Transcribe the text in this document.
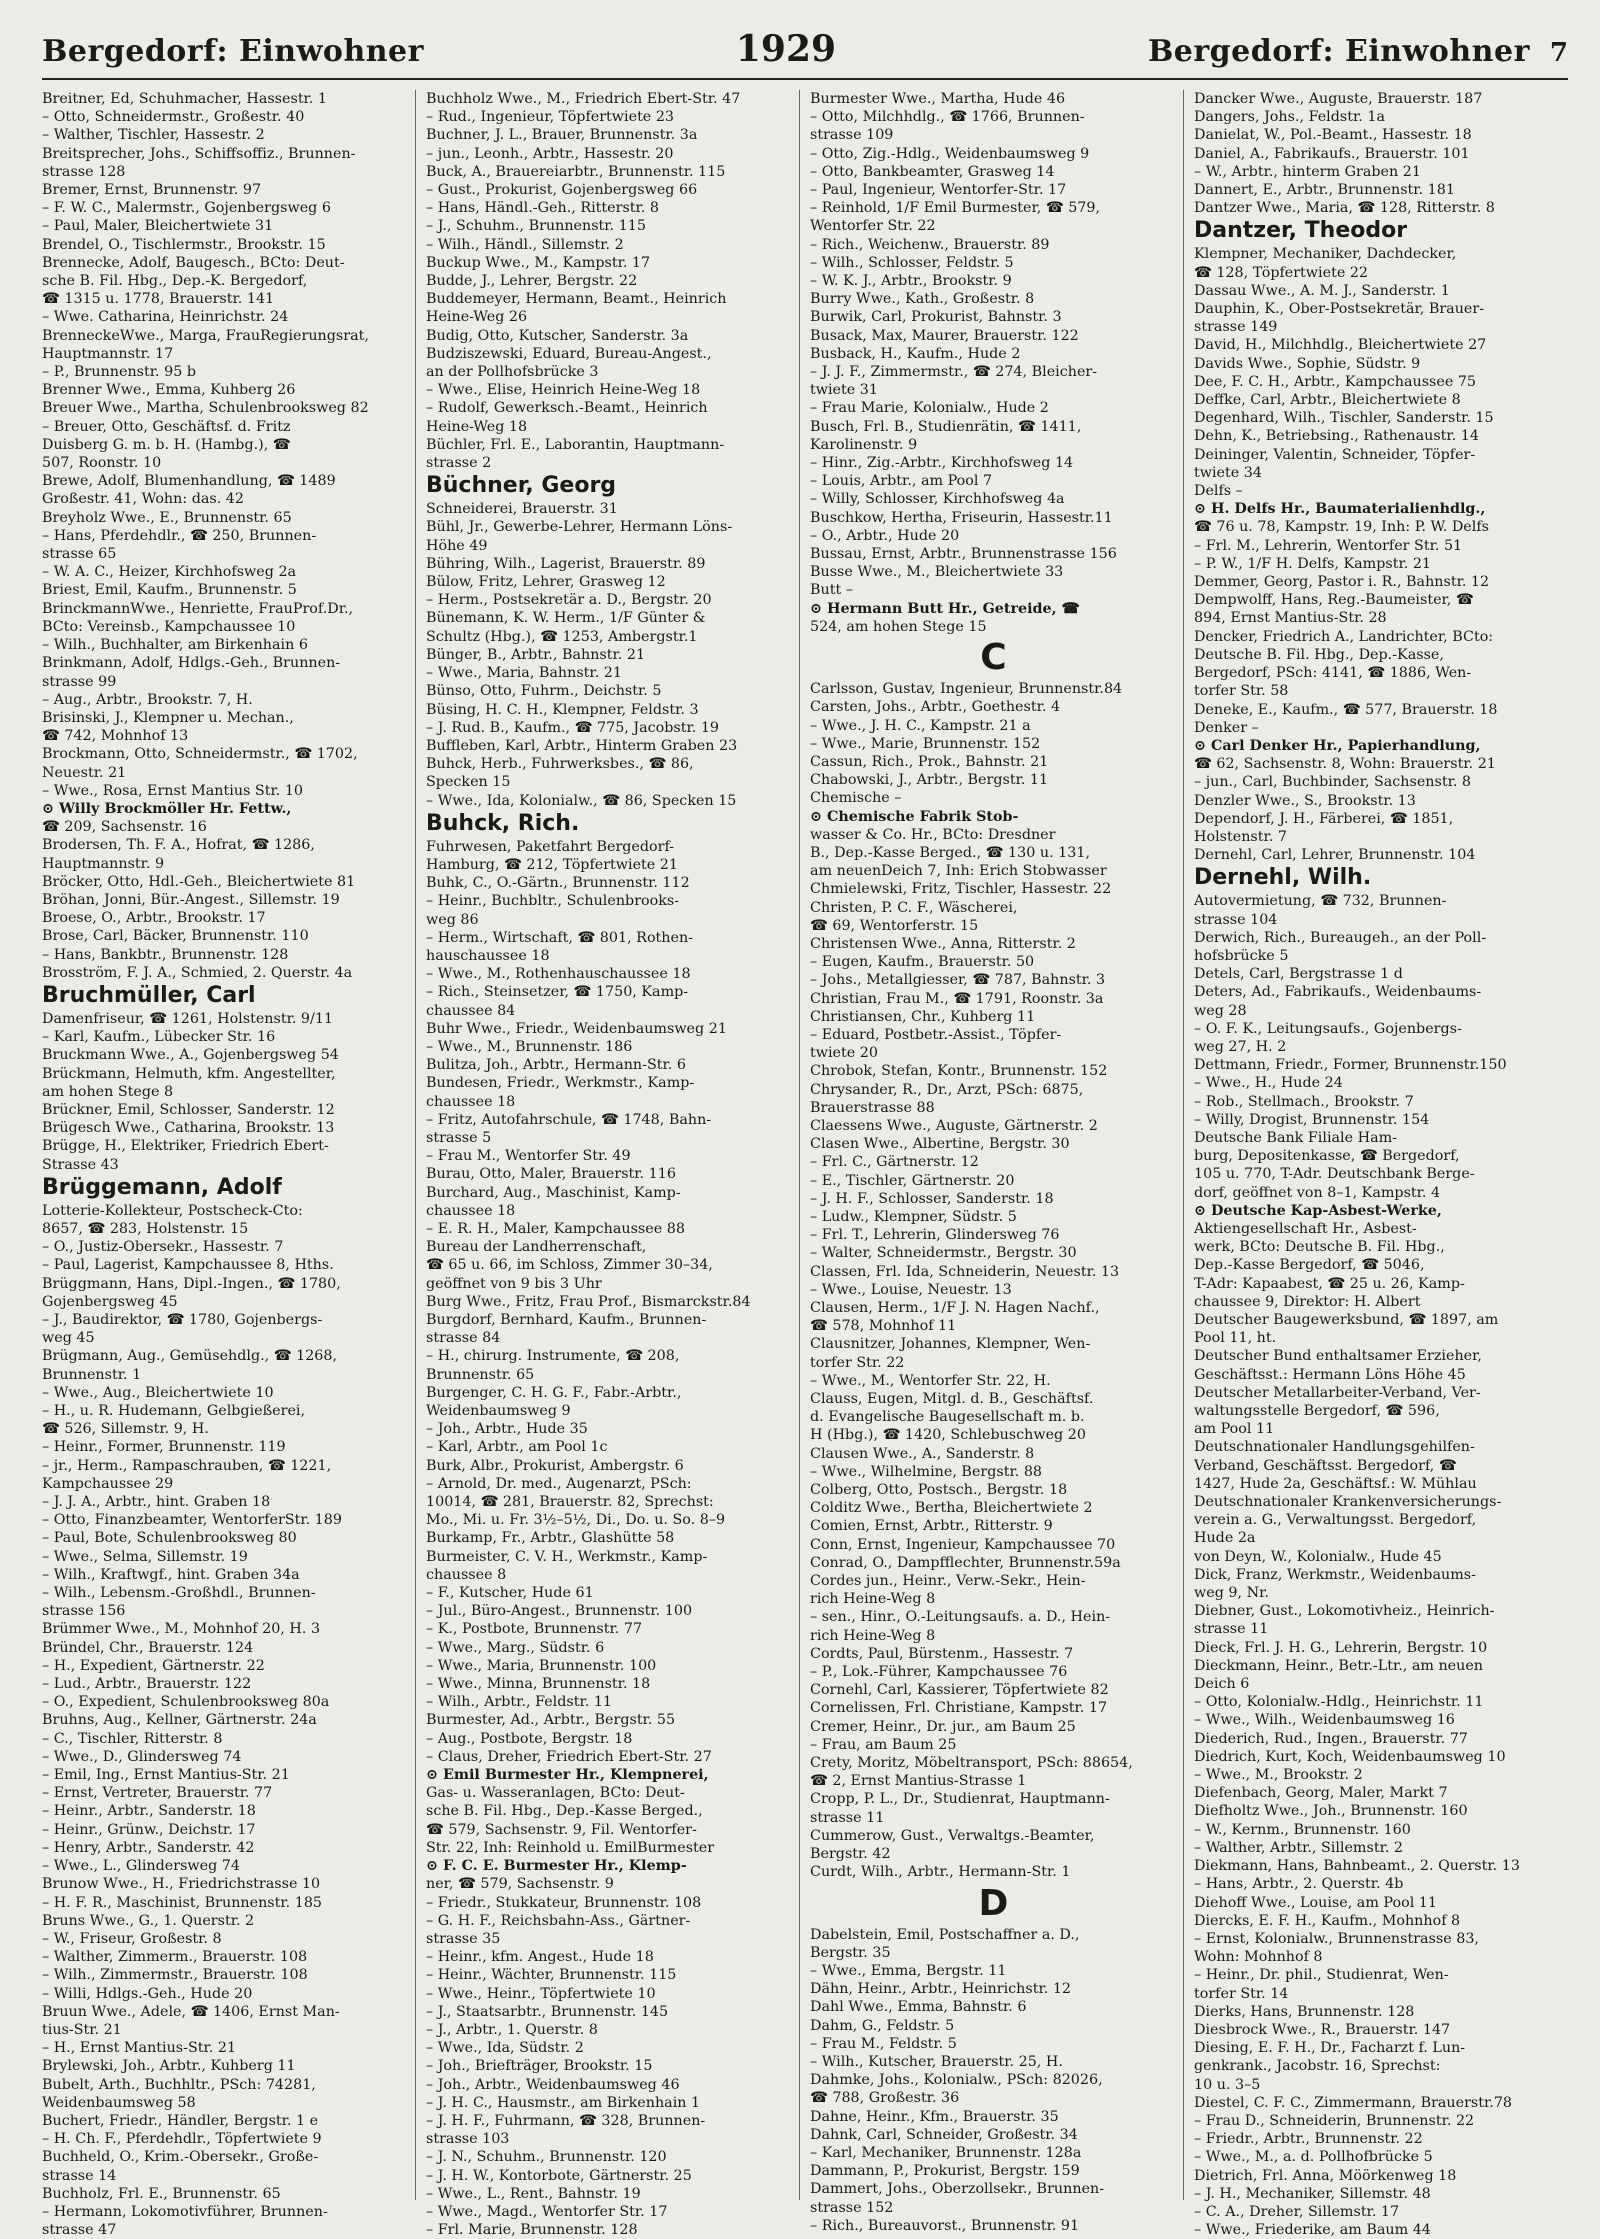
Bergedorf: Einwohner	1929	Bergedorf: Einwohner 7
Breitner, Ed, Schuhmacher, Hassestr. 1
– Otto, Schneidermstr., Großestr. 40
– Walther, Tischler, Hassestr. 2
Breitsprecher, Johs., Schiffsoffiz., Brunnen-
strasse 128
Bremer, Ernst, Brunnenstr. 97
– F. W. C., Malermstr., Gojenbergsweg 6
– Paul, Maler, Bleichertwiete 31
Brendel, O., Tischlermstr., Brookstr. 15
Brennecke, Adolf, Baugesch., BCto: Deut-
sche B. Fil. Hbg., Dep.-K. Bergedorf,
☎ 1315 u. 1778, Brauerstr. 141
– Wwe. Catharina, Heinrichstr. 24
BrenneckeWwe., Marga, FrauRegierungsrat,
Hauptmannstr. 17
– P., Brunnenstr. 95 b
Brenner Wwe., Emma, Kuhberg 26
Breuer Wwe., Martha, Schulenbrooksweg 82
– Breuer, Otto, Geschäftsf. d. Fritz
Duisberg G. m. b. H. (Hambg.), ☎
507, Roonstr. 10
Brewe, Adolf, Blumenhandlung, ☎ 1489
Großestr. 41, Wohn: das. 42
Breyholz Wwe., E., Brunnenstr. 65
– Hans, Pferdehdlr., ☎ 250, Brunnen-
strasse 65
– W. A. C., Heizer, Kirchhofsweg 2a
Briest, Emil, Kaufm., Brunnenstr. 5
BrinckmannWwe., Henriette, FrauProf.Dr.,
BCto: Vereinsb., Kampchaussee 10
– Wilh., Buchhalter, am Birkenhain 6
Brinkmann, Adolf, Hdlgs.-Geh., Brunnen-
strasse 99
– Aug., Arbtr., Brookstr. 7, H.
Brisinski, J., Klempner u. Mechan.,
☎ 742, Mohnhof 13
Brockmann, Otto, Schneidermstr., ☎ 1702,
Neuestr. 21
– Wwe., Rosa, Ernst Mantius Str. 10
⊙ Willy Brockmöller Hr. Fettw.,
☎ 209, Sachsenstr. 16
Brodersen, Th. F. A., Hofrat, ☎ 1286,
Hauptmannstr. 9
Bröcker, Otto, Hdl.-Geh., Bleichertwiete 81
Bröhan, Jonni, Bür.-Angest., Sillemstr. 19
Broese, O., Arbtr., Brookstr. 17
Brose, Carl, Bäcker, Brunnenstr. 110
– Hans, Bankbtr., Brunnenstr. 128
Brosström, F. J. A., Schmied, 2. Querstr. 4a
Bruchmüller, Carl
Damenfriseur, ☎ 1261, Holstenstr. 9/11
– Karl, Kaufm., Lübecker Str. 16
Bruckmann Wwe., A., Gojenbergsweg 54
Brückmann, Helmuth, kfm. Angestellter,
am hohen Stege 8
Brückner, Emil, Schlosser, Sanderstr. 12
Brügesch Wwe., Catharina, Brookstr. 13
Brügge, H., Elektriker, Friedrich Ebert-
Strasse 43
Brüggemann, Adolf
Lotterie-Kollekteur, Postscheck-Cto:
8657, ☎ 283, Holstenstr. 15
– O., Justiz-Obersekr., Hassestr. 7
– Paul, Lagerist, Kampchaussee 8, Hths.
Brüggmann, Hans, Dipl.-Ingen., ☎ 1780,
Gojenbergsweg 45
– J., Baudirektor, ☎ 1780, Gojenbergs-
weg 45
Brügmann, Aug., Gemüsehdlg., ☎ 1268,
Brunnenstr. 1
– Wwe., Aug., Bleichertwiete 10
– H., u. R. Hudemann, Gelbgießerei,
☎ 526, Sillemstr. 9, H.
– Heinr., Former, Brunnenstr. 119
– jr., Herm., Rampaschrauben, ☎ 1221,
Kampchaussee 29
– J. J. A., Arbtr., hint. Graben 18
– Otto, Finanzbeamter, WentorferStr. 189
– Paul, Bote, Schulenbrooksweg 80
– Wwe., Selma, Sillemstr. 19
– Wilh., Kraftwgf., hint. Graben 34a
– Wilh., Lebensm.-Großhdl., Brunnen-
strasse 156
Brümmer Wwe., M., Mohnhof 20, H. 3
Bründel, Chr., Brauerstr. 124
– H., Expedient, Gärtnerstr. 22
– Lud., Arbtr., Brauerstr. 122
– O., Expedient, Schulenbrooksweg 80a
Bruhns, Aug., Kellner, Gärtnerstr. 24a
– C., Tischler, Ritterstr. 8
– Wwe., D., Glindersweg 74
– Emil, Ing., Ernst Mantius-Str. 21
– Ernst, Vertreter, Brauerstr. 77
– Heinr., Arbtr., Sanderstr. 18
– Heinr., Grünw., Deichstr. 17
– Henry, Arbtr., Sanderstr. 42
– Wwe., L., Glindersweg 74
Brunow Wwe., H., Friedrichstrasse 10
– H. F. R., Maschinist, Brunnenstr. 185
Bruns Wwe., G., 1. Querstr. 2
– W., Friseur, Großestr. 8
– Walther, Zimmerm., Brauerstr. 108
– Wilh., Zimmermstr., Brauerstr. 108
– Willi, Hdlgs.-Geh., Hude 20
Bruun Wwe., Adele, ☎ 1406, Ernst Man-
tius-Str. 21
– H., Ernst Mantius-Str. 21
Brylewski, Joh., Arbtr., Kuhberg 11
Bubelt, Arth., Buchhltr., PSch: 74281,
Weidenbaumsweg 58
Buchert, Friedr., Händler, Bergstr. 1 e
– H. Ch. F., Pferdehdlr., Töpfertwiete 9
Buchheld, O., Krim.-Obersekr., Große-
strasse 14
Buchholz, Frl. E., Brunnenstr. 65
– Hermann, Lokomotivführer, Brunnen-
strasse 47
Buchholz Wwe., M., Friedrich Ebert-Str. 47
– Rud., Ingenieur, Töpfertwiete 23
Buchner, J. L., Brauer, Brunnenstr. 3a
– jun., Leonh., Arbtr., Hassestr. 20
Buck, A., Brauereiarbtr., Brunnenstr. 115
– Gust., Prokurist, Gojenbergsweg 66
– Hans, Händl.-Geh., Ritterstr. 8
– J., Schuhm., Brunnenstr. 115
– Wilh., Händl., Sillemstr. 2
Buckup Wwe., M., Kampstr. 17
Budde, J., Lehrer, Bergstr. 22
Buddemeyer, Hermann, Beamt., Heinrich
Heine-Weg 26
Budig, Otto, Kutscher, Sanderstr. 3a
Budziszewski, Eduard, Bureau-Angest.,
an der Pollhofsbrücke 3
– Wwe., Elise, Heinrich Heine-Weg 18
– Rudolf, Gewerksch.-Beamt., Heinrich
Heine-Weg 18
Büchler, Frl. E., Laborantin, Hauptmann-
strasse 2
Büchner, Georg
Schneiderei, Brauerstr. 31
Bühl, Jr., Gewerbe-Lehrer, Hermann Löns-
Höhe 49
Bühring, Wilh., Lagerist, Brauerstr. 89
Bülow, Fritz, Lehrer, Grasweg 12
– Herm., Postsekretär a. D., Bergstr. 20
Bünemann, K. W. Herm., 1/F Günter &
Schultz (Hbg.), ☎ 1253, Ambergstr.1
Bünger, B., Arbtr., Bahnstr. 21
– Wwe., Maria, Bahnstr. 21
Bünso, Otto, Fuhrm., Deichstr. 5
Büsing, H. C. H., Klempner, Feldstr. 3
– J. Rud. B., Kaufm., ☎ 775, Jacobstr. 19
Buffleben, Karl, Arbtr., Hinterm Graben 23
Buhck, Herb., Fuhrwerksbes., ☎ 86,
Specken 15
– Wwe., Ida, Kolonialw., ☎ 86, Specken 15
Buhck, Rich.
Fuhrwesen, Paketfahrt Bergedorf-
Hamburg, ☎ 212, Töpfertwiete 21
Buhk, C., O.-Gärtn., Brunnenstr. 112
– Heinr., Buchbltr., Schulenbrooks-
weg 86
– Herm., Wirtschaft, ☎ 801, Rothen-
hauschaussee 18
– Wwe., M., Rothenhauschaussee 18
– Rich., Steinsetzer, ☎ 1750, Kamp-
chaussee 84
Buhr Wwe., Friedr., Weidenbaumsweg 21
– Wwe., M., Brunnenstr. 186
Bulitza, Joh., Arbtr., Hermann-Str. 6
Bundesen, Friedr., Werkmstr., Kamp-
chaussee 18
– Fritz, Autofahrschule, ☎ 1748, Bahn-
strasse 5
– Frau M., Wentorfer Str. 49
Burau, Otto, Maler, Brauerstr. 116
Burchard, Aug., Maschinist, Kamp-
chaussee 18
– E. R. H., Maler, Kampchaussee 88
Bureau der Landherrenschaft,
☎ 65 u. 66, im Schloss, Zimmer 30–34,
geöffnet von 9 bis 3 Uhr
Burg Wwe., Fritz, Frau Prof., Bismarckstr.84
Burgdorf, Bernhard, Kaufm., Brunnen-
strasse 84
– H., chirurg. Instrumente, ☎ 208,
Brunnenstr. 65
Burgenger, C. H. G. F., Fabr.-Arbtr.,
Weidenbaumsweg 9
– Joh., Arbtr., Hude 35
– Karl, Arbtr., am Pool 1c
Burk, Albr., Prokurist, Ambergstr. 6
– Arnold, Dr. med., Augenarzt, PSch:
10014, ☎ 281, Brauerstr. 82, Sprechst:
Mo., Mi. u. Fr. 3½–5½, Di., Do. u. So. 8–9
Burkamp, Fr., Arbtr., Glashütte 58
Burmeister, C. V. H., Werkmstr., Kamp-
chaussee 8
– F., Kutscher, Hude 61
– Jul., Büro-Angest., Brunnenstr. 100
– K., Postbote, Brunnenstr. 77
– Wwe., Marg., Südstr. 6
– Wwe., Maria, Brunnenstr. 100
– Wwe., Minna, Brunnenstr. 18
– Wilh., Arbtr., Feldstr. 11
Burmester, Ad., Arbtr., Bergstr. 55
– Aug., Postbote, Bergstr. 18
– Claus, Dreher, Friedrich Ebert-Str. 27
⊙ Emil Burmester Hr., Klempnerei,
Gas- u. Wasseranlagen, BCto: Deut-
sche B. Fil. Hbg., Dep.-Kasse Berged.,
☎ 579, Sachsenstr. 9, Fil. Wentorfer-
Str. 22, Inh: Reinhold u. EmilBurmester
⊙ F. C. E. Burmester Hr., Klemp-
ner, ☎ 579, Sachsenstr. 9
– Friedr., Stukkateur, Brunnenstr. 108
– G. H. F., Reichsbahn-Ass., Gärtner-
strasse 35
– Heinr., kfm. Angest., Hude 18
– Heinr., Wächter, Brunnenstr. 115
– Wwe., Heinr., Töpfertwiete 10
– J., Staatsarbtr., Brunnenstr. 145
– J., Arbtr., 1. Querstr. 8
– Wwe., Ida, Südstr. 2
– Joh., Briefträger, Brookstr. 15
– Joh., Arbtr., Weidenbaumsweg 46
– J. H. C., Hausmstr., am Birkenhain 1
– J. H. F., Fuhrmann, ☎ 328, Brunnen-
strasse 103
– J. N., Schuhm., Brunnenstr. 120
– J. H. W., Kontorbote, Gärtnerstr. 25
– Wwe., L., Rent., Bahnstr. 19
– Wwe., Magd., Wentorfer Str. 17
– Frl. Marie, Brunnenstr. 128
Burmester Wwe., Martha, Hude 46
– Otto, Milchhdlg., ☎ 1766, Brunnen-
strasse 109
– Otto, Zig.-Hdlg., Weidenbaumsweg 9
– Otto, Bankbeamter, Grasweg 14
– Paul, Ingenieur, Wentorfer-Str. 17
– Reinhold, 1/F Emil Burmester, ☎ 579,
Wentorfer Str. 22
– Rich., Weichenw., Brauerstr. 89
– Wilh., Schlosser, Feldstr. 5
– W. K. J., Arbtr., Brookstr. 9
Burry Wwe., Kath., Großestr. 8
Burwik, Carl, Prokurist, Bahnstr. 3
Busack, Max, Maurer, Brauerstr. 122
Busback, H., Kaufm., Hude 2
– J. J. F., Zimmermstr., ☎ 274, Bleicher-
twiete 31
– Frau Marie, Kolonialw., Hude 2
Busch, Frl. B., Studienrätin, ☎ 1411,
Karolinenstr. 9
– Hinr., Zig.-Arbtr., Kirchhofsweg 14
– Louis, Arbtr., am Pool 7
– Willy, Schlosser, Kirchhofsweg 4a
Buschkow, Hertha, Friseurin, Hassestr.11
– O., Arbtr., Hude 20
Bussau, Ernst, Arbtr., Brunnenstrasse 156
Busse Wwe., M., Bleichertwiete 33
Butt –
⊙ Hermann Butt Hr., Getreide, ☎
524, am hohen Stege 15
C
Carlsson, Gustav, Ingenieur, Brunnenstr.84
Carsten, Johs., Arbtr., Goethestr. 4
– Wwe., J. H. C., Kampstr. 21 a
– Wwe., Marie, Brunnenstr. 152
Cassun, Rich., Prok., Bahnstr. 21
Chabowski, J., Arbtr., Bergstr. 11
Chemische –
⊙ Chemische Fabrik Stob-
wasser & Co. Hr., BCto: Dresdner
B., Dep.-Kasse Berged., ☎ 130 u. 131,
am neuenDeich 7, Inh: Erich Stobwasser
Chmielewski, Fritz, Tischler, Hassestr. 22
Christen, P. C. F., Wäscherei,
☎ 69, Wentorferstr. 15
Christensen Wwe., Anna, Ritterstr. 2
– Eugen, Kaufm., Brauerstr. 50
– Johs., Metallgiesser, ☎ 787, Bahnstr. 3
Christian, Frau M., ☎ 1791, Roonstr. 3a
Christiansen, Chr., Kuhberg 11
– Eduard, Postbetr.-Assist., Töpfer-
twiete 20
Chrobok, Stefan, Kontr., Brunnenstr. 152
Chrysander, R., Dr., Arzt, PSch: 6875,
Brauerstrasse 88
Claessens Wwe., Auguste, Gärtnerstr. 2
Clasen Wwe., Albertine, Bergstr. 30
– Frl. C., Gärtnerstr. 12
– E., Tischler, Gärtnerstr. 20
– J. H. F., Schlosser, Sanderstr. 18
– Ludw., Klempner, Südstr. 5
– Frl. T., Lehrerin, Glindersweg 76
– Walter, Schneidermstr., Bergstr. 30
Classen, Frl. Ida, Schneiderin, Neuestr. 13
– Wwe., Louise, Neuestr. 13
Clausen, Herm., 1/F J. N. Hagen Nachf.,
☎ 578, Mohnhof 11
Clausnitzer, Johannes, Klempner, Wen-
torfer Str. 22
– Wwe., M., Wentorfer Str. 22, H.
Clauss, Eugen, Mitgl. d. B., Geschäftsf.
d. Evangelische Baugesellschaft m. b.
H (Hbg.), ☎ 1420, Schlebuschweg 20
Clausen Wwe., A., Sanderstr. 8
– Wwe., Wilhelmine, Bergstr. 88
Colberg, Otto, Postsch., Bergstr. 18
Colditz Wwe., Bertha, Bleichertwiete 2
Comien, Ernst, Arbtr., Ritterstr. 9
Conn, Ernst, Ingenieur, Kampchaussee 70
Conrad, O., Dampfflechter, Brunnenstr.59a
Cordes jun., Heinr., Verw.-Sekr., Hein-
rich Heine-Weg 8
– sen., Hinr., O.-Leitungsaufs. a. D., Hein-
rich Heine-Weg 8
Cordts, Paul, Bürstenm., Hassestr. 7
– P., Lok.-Führer, Kampchaussee 76
Cornehl, Carl, Kassierer, Töpfertwiete 82
Cornelissen, Frl. Christiane, Kampstr. 17
Cremer, Heinr., Dr. jur., am Baum 25
– Frau, am Baum 25
Crety, Moritz, Möbeltransport, PSch: 88654,
☎ 2, Ernst Mantius-Strasse 1
Cropp, P. L., Dr., Studienrat, Hauptmann-
strasse 11
Cummerow, Gust., Verwaltgs.-Beamter,
Bergstr. 42
Curdt, Wilh., Arbtr., Hermann-Str. 1
D
Dabelstein, Emil, Postschaffner a. D.,
Bergstr. 35
– Wwe., Emma, Bergstr. 11
Dähn, Heinr., Arbtr., Heinrichstr. 12
Dahl Wwe., Emma, Bahnstr. 6
Dahm, G., Feldstr. 5
– Frau M., Feldstr. 5
– Wilh., Kutscher, Brauerstr. 25, H.
Dahmke, Johs., Kolonialw., PSch: 82026,
☎ 788, Großestr. 36
Dahne, Heinr., Kfm., Brauerstr. 35
Dahnk, Carl, Schneider, Großestr. 34
– Karl, Mechaniker, Brunnenstr. 128a
Dammann, P., Prokurist, Bergstr. 159
Dammert, Johs., Oberzollsekr., Brunnen-
strasse 152
– Rich., Bureauvorst., Brunnenstr. 91
Dancker Wwe., Auguste, Brauerstr. 187
Dangers, Johs., Feldstr. 1a
Danielat, W., Pol.-Beamt., Hassestr. 18
Daniel, A., Fabrikaufs., Brauerstr. 101
– W., Arbtr., hinterm Graben 21
Dannert, E., Arbtr., Brunnenstr. 181
Dantzer Wwe., Maria, ☎ 128, Ritterstr. 8
Dantzer, Theodor
Klempner, Mechaniker, Dachdecker,
☎ 128, Töpfertwiete 22
Dassau Wwe., A. M. J., Sanderstr. 1
Dauphin, K., Ober-Postsekretär, Brauer-
strasse 149
David, H., Milchhdlg., Bleichertwiete 27
Davids Wwe., Sophie, Südstr. 9
Dee, F. C. H., Arbtr., Kampchaussee 75
Deffke, Carl, Arbtr., Bleichertwiete 8
Degenhard, Wilh., Tischler, Sanderstr. 15
Dehn, K., Betriebsing., Rathenaustr. 14
Deininger, Valentin, Schneider, Töpfer-
twiete 34
Delfs –
⊙ H. Delfs Hr., Baumaterialienhdlg.,
☎ 76 u. 78, Kampstr. 19, Inh: P. W. Delfs
– Frl. M., Lehrerin, Wentorfer Str. 51
– P. W., 1/F H. Delfs, Kampstr. 21
Demmer, Georg, Pastor i. R., Bahnstr. 12
Dempwolff, Hans, Reg.-Baumeister, ☎
894, Ernst Mantius-Str. 28
Dencker, Friedrich A., Landrichter, BCto:
Deutsche B. Fil. Hbg., Dep.-Kasse,
Bergedorf, PSch: 4141, ☎ 1886, Wen-
torfer Str. 58
Deneke, E., Kaufm., ☎ 577, Brauerstr. 18
Denker –
⊙ Carl Denker Hr., Papierhandlung,
☎ 62, Sachsenstr. 8, Wohn: Brauerstr. 21
– jun., Carl, Buchbinder, Sachsenstr. 8
Denzler Wwe., S., Brookstr. 13
Dependorf, J. H., Färberei, ☎ 1851,
Holstenstr. 7
Dernehl, Carl, Lehrer, Brunnenstr. 104
Dernehl, Wilh.
Autovermietung, ☎ 732, Brunnen-
strasse 104
Derwich, Rich., Bureaugeh., an der Poll-
hofsbrücke 5
Detels, Carl, Bergstrasse 1 d
Deters, Ad., Fabrikaufs., Weidenbaums-
weg 28
– O. F. K., Leitungsaufs., Gojenbergs-
weg 27, H. 2
Dettmann, Friedr., Former, Brunnenstr.150
– Wwe., H., Hude 24
– Rob., Stellmach., Brookstr. 7
– Willy, Drogist, Brunnenstr. 154
Deutsche Bank Filiale Ham-
burg, Depositenkasse, ☎ Bergedorf,
105 u. 770, T-Adr. Deutschbank Berge-
dorf, geöffnet von 8–1, Kampstr. 4
⊙ Deutsche Kap-Asbest-Werke,
Aktiengesellschaft Hr., Asbest-
werk, BCto: Deutsche B. Fil. Hbg.,
Dep.-Kasse Bergedorf, ☎ 5046,
T-Adr: Kapaabest, ☎ 25 u. 26, Kamp-
chaussee 9, Direktor: H. Albert
Deutscher Baugewerksbund, ☎ 1897, am
Pool 11, ht.
Deutscher Bund enthaltsamer Erzieher,
Geschäftsst.: Hermann Löns Höhe 45
Deutscher Metallarbeiter-Verband, Ver-
waltungsstelle Bergedorf, ☎ 596,
am Pool 11
Deutschnationaler Handlungsgehilfen-
Verband, Geschäftsst. Bergedorf, ☎
1427, Hude 2a, Geschäftsf.: W. Mühlau
Deutschnationaler Krankenversicherungs-
verein a. G., Verwaltungsst. Bergedorf,
Hude 2a
von Deyn, W., Kolonialw., Hude 45
Dick, Franz, Werkmstr., Weidenbaums-
weg 9, Nr.
Diebner, Gust., Lokomotivheiz., Heinrich-
strasse 11
Dieck, Frl. J. H. G., Lehrerin, Bergstr. 10
Dieckmann, Heinr., Betr.-Ltr., am neuen
Deich 6
– Otto, Kolonialw.-Hdlg., Heinrichstr. 11
– Wwe., Wilh., Weidenbaumsweg 16
Diederich, Rud., Ingen., Brauerstr. 77
Diedrich, Kurt, Koch, Weidenbaumsweg 10
– Wwe., M., Brookstr. 2
Diefenbach, Georg, Maler, Markt 7
Diefholtz Wwe., Joh., Brunnenstr. 160
– W., Kernm., Brunnenstr. 160
– Walther, Arbtr., Sillemstr. 2
Diekmann, Hans, Bahnbeamt., 2. Querstr. 13
– Hans, Arbtr., 2. Querstr. 4b
Diehoff Wwe., Louise, am Pool 11
Diercks, E. F. H., Kaufm., Mohnhof 8
– Ernst, Kolonialw., Brunnenstrasse 83,
Wohn: Mohnhof 8
– Heinr., Dr. phil., Studienrat, Wen-
torfer Str. 14
Dierks, Hans, Brunnenstr. 128
Diesbrock Wwe., R., Brauerstr. 147
Diesing, E. F. H., Dr., Facharzt f. Lun-
genkrank., Jacobstr. 16, Sprechst:
10 u. 3–5
Diestel, C. F. C., Zimmermann, Brauerstr.78
– Frau D., Schneiderin, Brunnenstr. 22
– Friedr., Arbtr., Brunnenstr. 22
– Wwe., M., a. d. Pollhofbrücke 5
Dietrich, Frl. Anna, Möörkenweg 18
– J. H., Mechaniker, Sillemstr. 48
– C. A., Dreher, Sillemstr. 17
– Wwe., Friederike, am Baum 44
